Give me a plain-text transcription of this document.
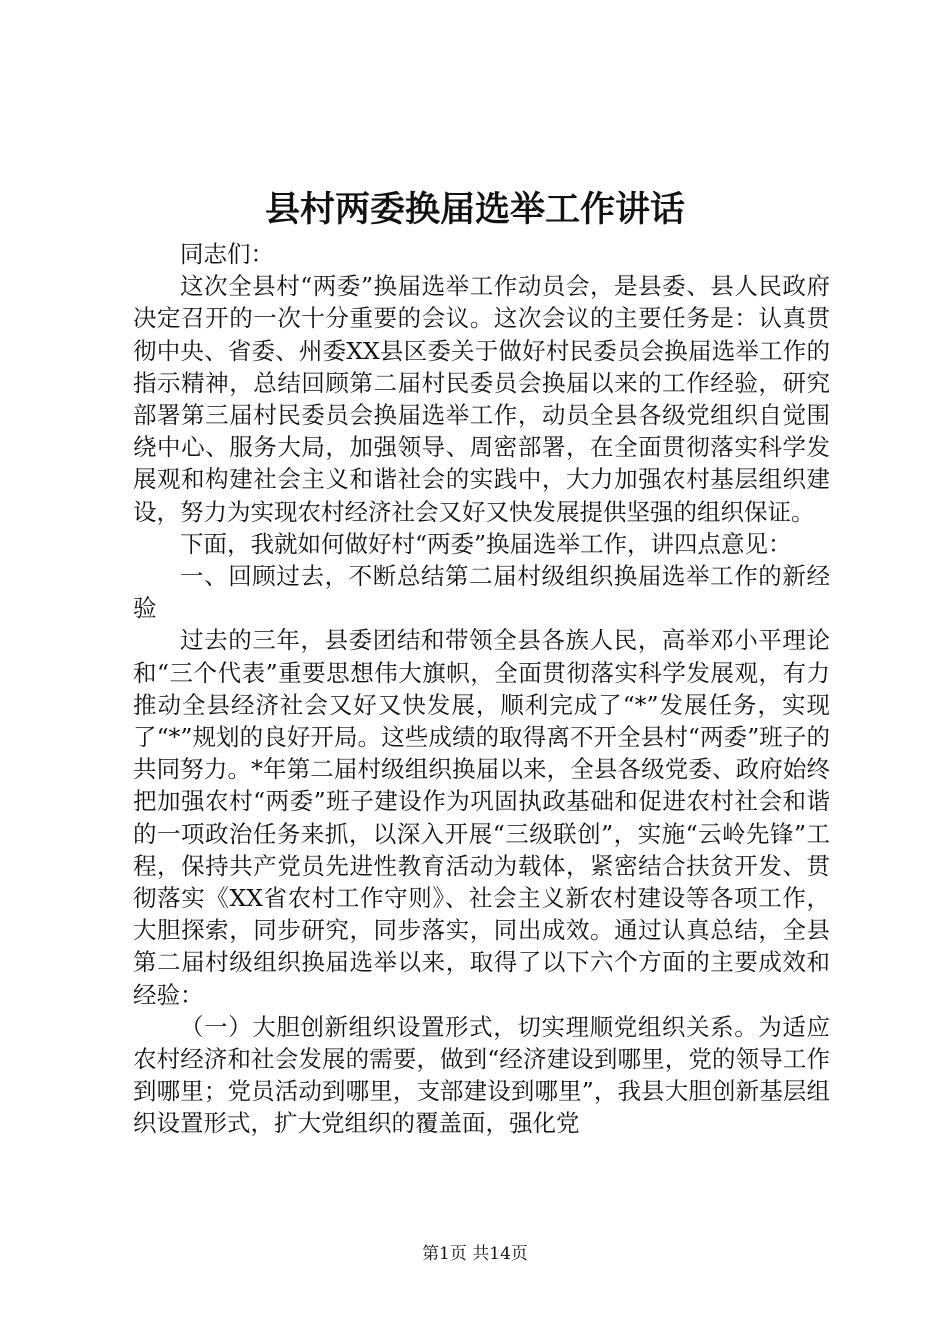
县村两委换届选举工作讲话

同志们：

这次全县村“两委”换届选举工作动员会，是县委、县人民政府决定召开的一次十分重要的会议。这次会议的主要任务是：认真贯彻中央、省委、州委XX县区委关于做好村民委员会换届选举工作的指示精神，总结回顾第二届村民委员会换届以来的工作经验，研究部署第三届村民委员会换届选举工作，动员全县各级党组织自觉围绕中心、服务大局，加强领导、周密部署，在全面贯彻落实科学发展观和构建社会主义和谐社会的实践中，大力加强农村基层组织建设，努力为实现农村经济社会又好又快发展提供坚强的组织保证。

下面，我就如何做好村“两委”换届选举工作，讲四点意见：

一、回顾过去，不断总结第二届村级组织换届选举工作的新经验

过去的三年，县委团结和带领全县各族人民，高举邓小平理论和“三个代表”重要思想伟大旗帜，全面贯彻落实科学发展观，有力推动全县经济社会又好又快发展，顺利完成了“*”发展任务，实现了“*”规划的良好开局。这些成绩的取得离不开全县村“两委”班子的共同努力。*年第二届村级组织换届以来，全县各级党委、政府始终把加强农村“两委”班子建设作为巩固执政基础和促进农村社会和谐的一项政治任务来抓，以深入开展“三级联创”，实施“云岭先锋”工程，保持共产党员先进性教育活动为载体，紧密结合扶贫开发、贯彻落实《XX省农村工作守则》、社会主义新农村建设等各项工作，大胆探索，同步研究，同步落实，同出成效。通过认真总结，全县第二届村级组织换届选举以来，取得了以下六个方面的主要成效和经验：

（一）大胆创新组织设置形式，切实理顺党组织关系。为适应农村经济和社会发展的需要，做到“经济建设到哪里，党的领导工作到哪里；党员活动到哪里，支部建设到哪里”，我县大胆创新基层组织设置形式，扩大党组织的覆盖面，强化党

第1页 共14页
